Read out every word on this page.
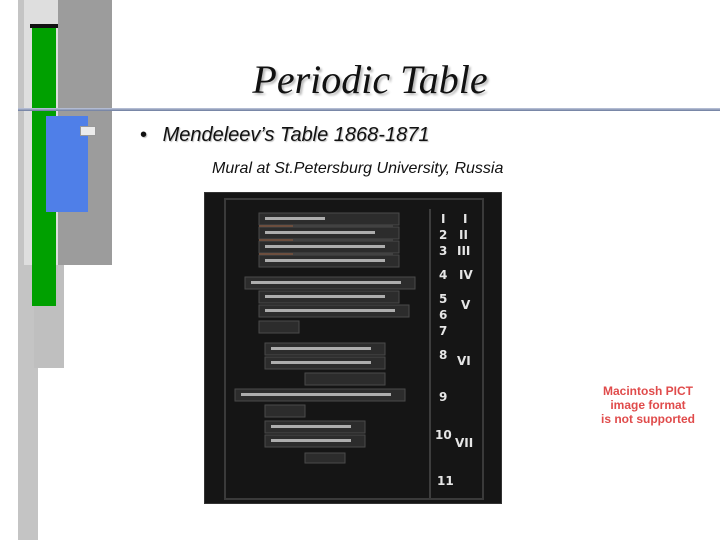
Periodic Table
• Mendeleev’s Table 1868-1871
Mural at St.Petersburg University, Russia
I I
2 II
3 III
4 IV
5
6
V
7
8 VI
9
10
VII
11
Macintosh PICT
image format
is not supported
